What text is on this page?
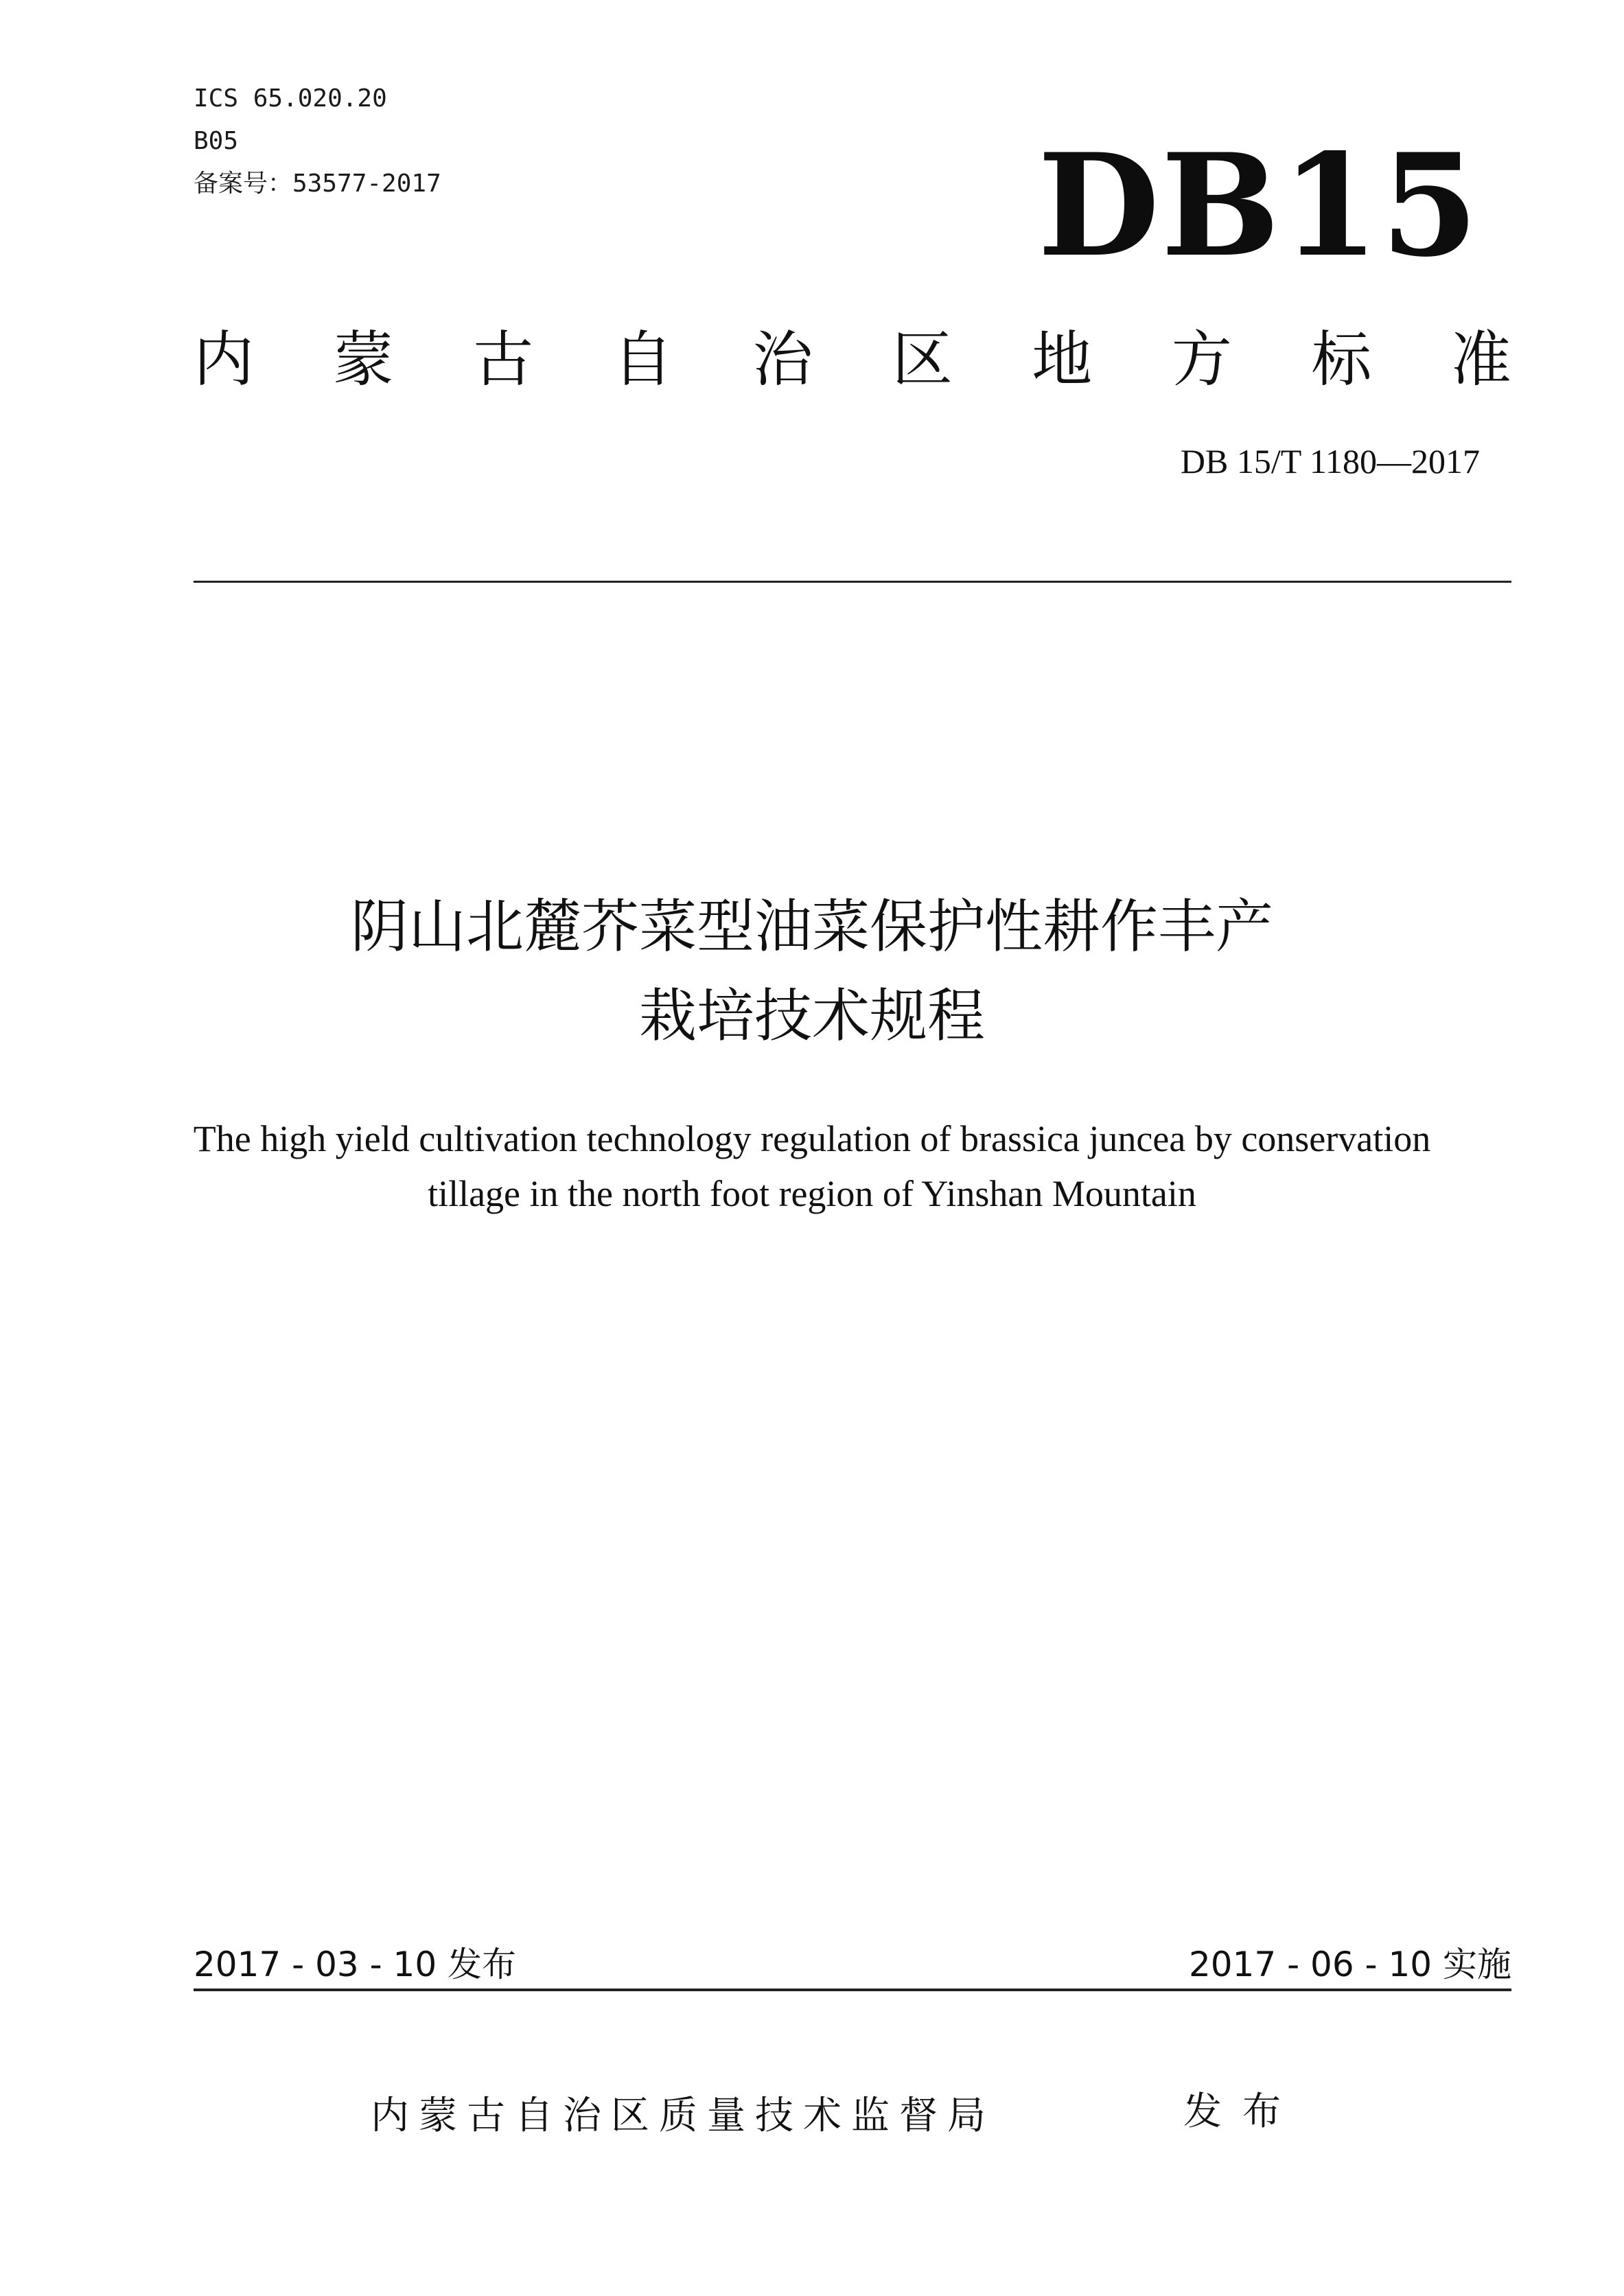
ICS 65.020.20
B05
备案号：53577-2017	DB15
内 蒙 古 自 治 区 地 方 标 准
DB 15/T 1180—2017
阴山北麓芥菜型油菜保护性耕作丰产
栽培技术规程
The high yield cultivation technology regulation of brassica juncea by conservation
tillage in the north foot region of Yinshan Mountain
2017 - 03 - 10 发布	2017 - 06 - 10 实施
内蒙古自治区质量技术监督局	发布
